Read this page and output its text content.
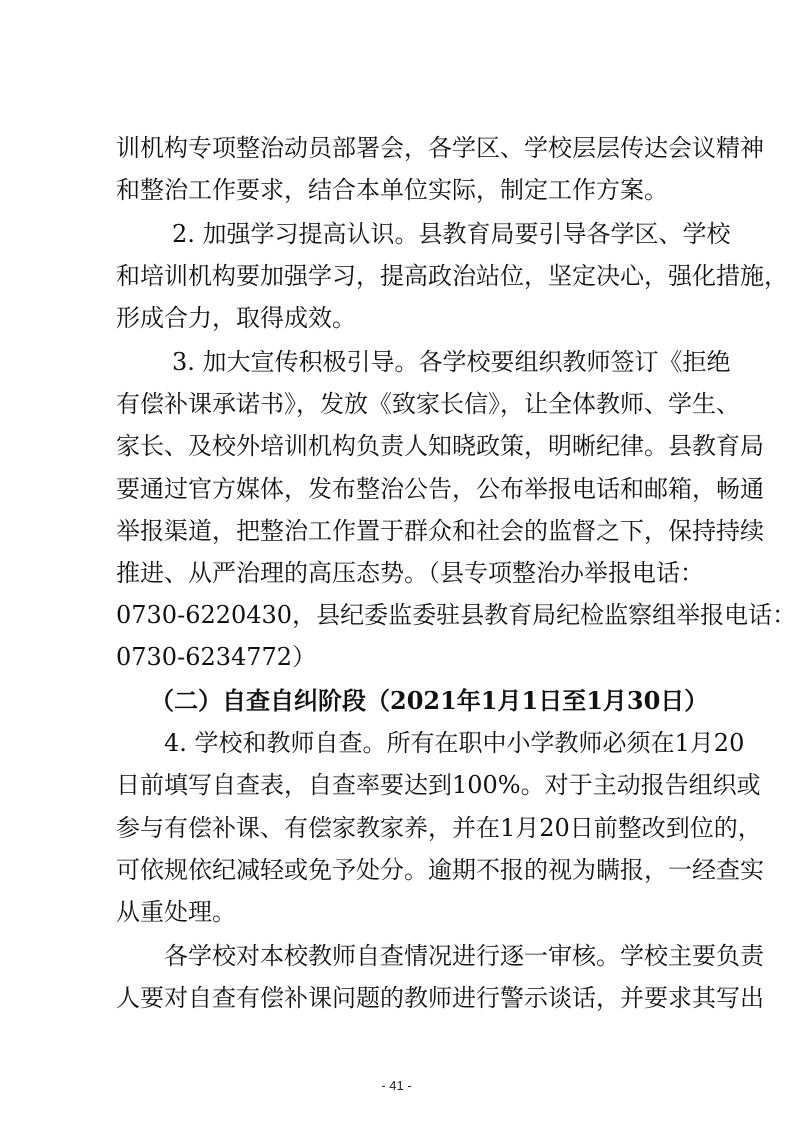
训机构专项整治动员部署会，各学区、学校层层传达会议精神
和整治工作要求，结合本单位实际，制定工作方案。
2. 加强学习提高认识。县教育局要引导各学区、学校
和培训机构要加强学习，提高政治站位，坚定决心，强化措施，
形成合力，取得成效。
3. 加大宣传积极引导。各学校要组织教师签订《拒绝
有偿补课承诺书》，发放《致家长信》，让全体教师、学生、
家长、及校外培训机构负责人知晓政策，明晰纪律。县教育局
要通过官方媒体，发布整治公告，公布举报电话和邮箱，畅通
举报渠道，把整治工作置于群众和社会的监督之下，保持持续
推进、从严治理的高压态势。（县专项整治办举报电话：
0730-6220430，县纪委监委驻县教育局纪检监察组举报电话：
0730-6234772）
（二）自查自纠阶段（2021年1月1日至1月30日）
4. 学校和教师自查。所有在职中小学教师必须在1月20
日前填写自查表，自查率要达到100%。对于主动报告组织或
参与有偿补课、有偿家教家养，并在1月20日前整改到位的，
可依规依纪减轻或免予处分。逾期不报的视为瞒报，一经查实
从重处理。
各学校对本校教师自查情况进行逐一审核。学校主要负责
人要对自查有偿补课问题的教师进行警示谈话，并要求其写出
- 41 -
